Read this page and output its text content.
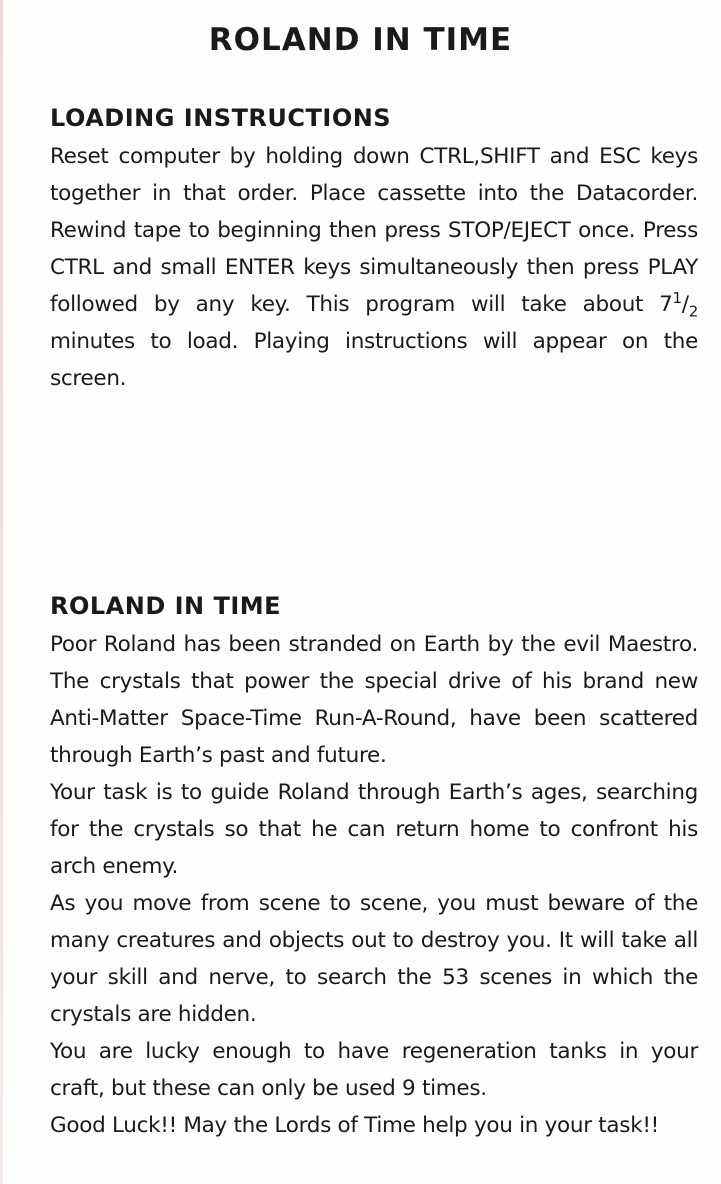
ROLAND IN TIME
LOADING INSTRUCTIONS

Reset computer by holding down CTRL,SHIFT and ESC keys together in that order. Place cassette into the Datacorder. Rewind tape to beginning then press STOP/EJECT once. Press CTRL and small ENTER keys simultaneously then press PLAY followed by any key. This program will take about $7^1/_2$ minutes to load. Playing instructions will appear on the screen.

ROLAND IN TIME

Poor Roland has been stranded on Earth by the evil Maestro. The crystals that power the special drive of his brand new Anti-Matter Space-Time Run-A-Round, have been scattered through Earth’s past and future.

Your task is to guide Roland through Earth’s ages, searching for the crystals so that he can return home to confront his arch enemy.

As you move from scene to scene, you must beware of the many creatures and objects out to destroy you. It will take all your skill and nerve, to search the 53 scenes in which the crystals are hidden.

You are lucky enough to have regeneration tanks in your craft, but these can only be used 9 times.

Good Luck!! May the Lords of Time help you in your task!!
